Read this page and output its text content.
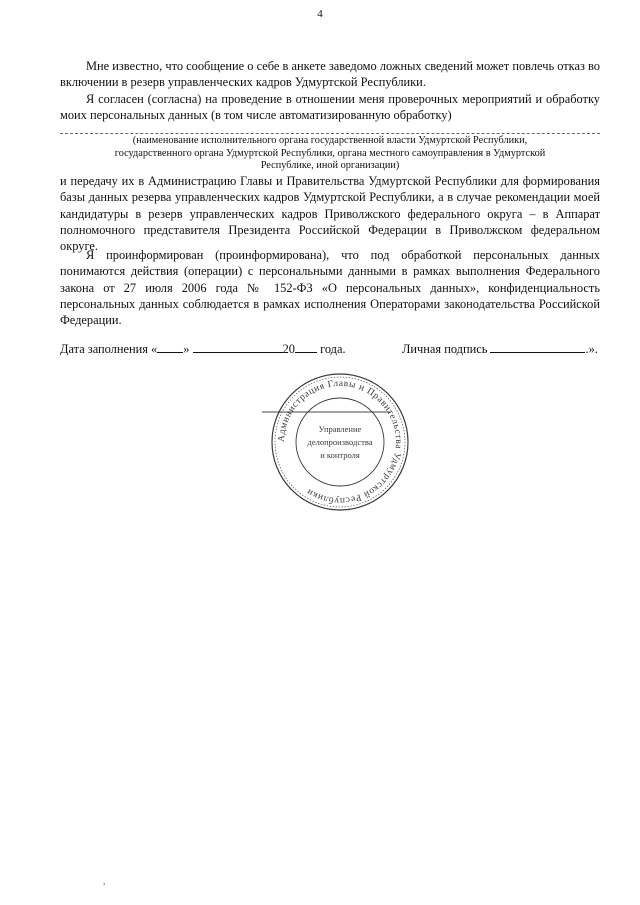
4

Мне известно, что сообщение о себе в анкете заведомо ложных сведений может повлечь отказ во включении в резерв управленческих кадров Удмуртской Республики.

Я согласен (согласна) на проведение в отношении меня проверочных мероприятий и обработку моих персональных данных (в том числе автоматизированную обработку)

(наименование исполнительного органа государственной власти Удмуртской Республики,
государственного органа Удмуртской Республики, органа местного самоуправления в Удмуртской
Республике, иной организации)

и передачу их в Администрацию Главы и Правительства Удмуртской Республики для формирования базы данных резерва управленческих кадров Удмуртской Республики, а в случае рекомендации моей кандидатуры в резерв управленческих кадров Приволжского федерального округа – в Аппарат полномочного представителя Президента Российской Федерации в Приволжском федеральном округе.

Я проинформирован (проинформирована), что под обработкой персональных данных понимаются действия (операции) с персональными данными в рамках выполнения Федерального закона от 27 июля 2006 года № 152-ФЗ «О персональных данных», конфиденциальность персональных данных соблюдается в рамках исполнения Операторами законодательства Российской Федерации.

Дата заполнения « »	20 года.	Личная подпись	.».
Администрация Главы и Правительства Удмуртской Республики
Управление
делопроизводства
и контроля
,
